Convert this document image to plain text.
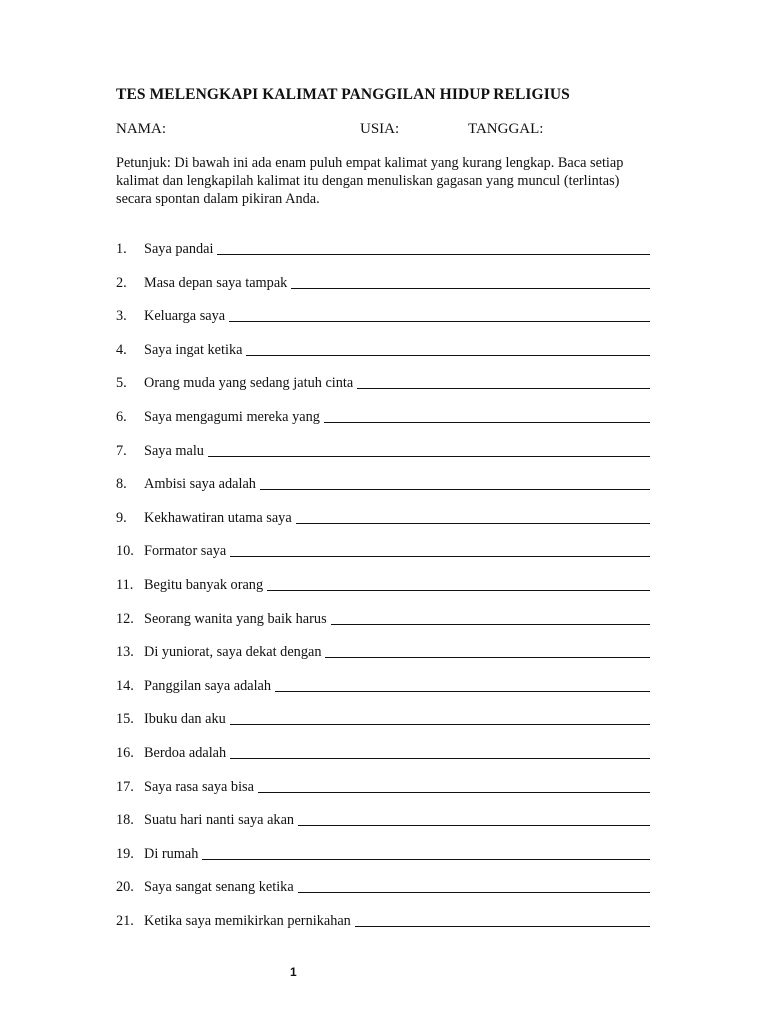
TES MELENGKAPI KALIMAT PANGGILAN HIDUP RELIGIUS
NAMA:	USIA:	TANGGAL:
Petunjuk: Di bawah ini ada enam puluh empat kalimat yang kurang lengkap. Baca setiap kalimat dan lengkapilah kalimat itu dengan menuliskan gagasan yang muncul (terlintas) secara spontan dalam pikiran Anda.
1.	Saya pandai
2.	Masa depan saya tampak
3.	Keluarga saya
4.	Saya ingat ketika
5.	Orang muda yang sedang jatuh cinta
6.	Saya mengagumi mereka yang
7.	Saya malu
8.	Ambisi saya adalah
9.	Kekhawatiran utama saya
10. Formator saya
11. Begitu banyak orang
12. Seorang wanita yang baik harus
13. Di yuniorat, saya dekat dengan
14. Panggilan saya adalah
15. Ibuku dan aku
16. Berdoa adalah
17. Saya rasa saya bisa
18. Suatu hari nanti saya akan
19. Di rumah
20. Saya sangat senang ketika
21. Ketika saya memikirkan pernikahan
1
